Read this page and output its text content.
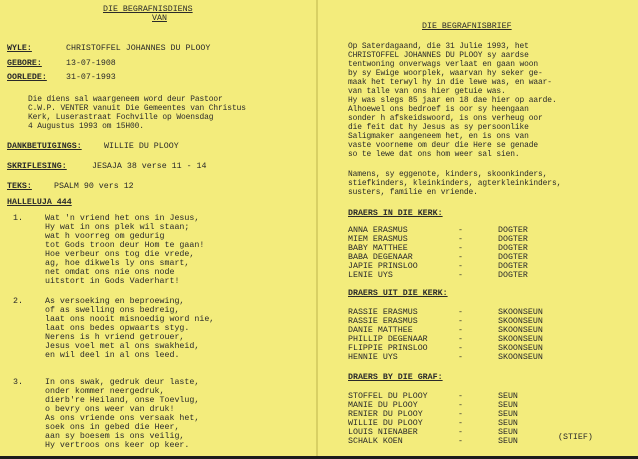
DIE BEGRAFNISDIENS
VAN
WYLE:	CHRISTOFFEL JOHANNES DU PLOOY
GEBORE:	13-07-1908
OORLEDE: 31-07-1993
Die diens sal waargeneem word deur Pastoor
C.W.P. VENTER vanuit Die Gemeentes van Christus
Kerk, Luserastraat Fochville op Woensdag
4 Augustus 1993 om 15H00.
DANKBETUIGINGS:	WILLIE DU PLOOY
SKRIFLESING:	JESAJA 38 verse 11 - 14
TEKS:	PSALM 90 vers 12
HALLELUJA 444
1.	Wat 'n vriend het ons in Jesus,
Hy wat in ons plek wil staan;
wat h voorreg om gedurig
tot Gods troon deur Hom te gaan!
Hoe verbeur ons tog die vrede,
ag, hoe dikwels ly ons smart,
net omdat ons nie ons node
uitstort in Gods Vaderhart!
2.	As versoeking en beproewing,
of as swelling ons bedreig,
laat ons nooit misnoedig word nie,
laat ons bedes opwaarts styg.
Nerens is h vriend getrouer,
Jesus voel met al ons swakheid,
en wil deel in al ons leed.
3.	In ons swak, gedruk deur laste,
onder kommer neergedruk,
dierb're Heiland, onse Toevlug,
o bevry ons weer van druk!
As ons vriende ons versaak het,
soek ons in gebed die Heer,
aan sy boesem is ons veilig,
Hy vertroos ons keer op keer.
DIE BEGRAFNISBRIEF
Op Saterdagaand, die 31 Julie 1993, het
CHRISTOFFEL JOHANNES DU PLOOY sy aardse
tentwoning onverwags verlaat en gaan woon
by sy Ewige woorplek, waarvan hy seker ge-
maak het terwyl hy in die lewe was, en waar-
van talle van ons hier getuie was.
Hy was slegs 85 jaar en 18 dae hier op aarde.
Alhoewel ons bedroef is oor sy heengaan
sonder h afskeidswoord, is ons verheug oor
die feit dat hy Jesus as sy persoonlike
Saligmaker aangeneem het, en is ons van
vaste voorneme om deur die Here se genade
so te lewe dat ons hom weer sal sien.
Namens, sy eggenote, kinders, skoonkinders,
stiefkinders, kleinkinders, agterkleinkinders,
susters, familie en vriende.
DRAERS IN DIE KERK:
ANNA ERASMUS	-	DOGTER
MIEM ERASMUS	-	DOGTER
BABY MATTHEE	-	DOGTER
BABA DEGENAAR	-	DOGTER
JAPIE PRINSLOO	-	DOGTER
LENIE UYS	-	DOGTER
DRAERS UIT DIE KERK:
RASSIE ERASMUS	-	SKOONSEUN
RASSIE ERASMUS	-	SKOONSEUN
DANIE MATTHEE	-	SKOONSEUN
PHILLIP DEGENAAR	-	SKOONSEUN
FLIPPIE PRINSLOO	-	SKOONSEUN
HENNIE UYS	-	SKOONSEUN
DRAERS BY DIE GRAF:
STOFFEL DU PLOOY	-	SEUN
MANIE DU PLOOY	-	SEUN
RENIER DU PLOOY	-	SEUN
WILLIE DU PLOOY	-	SEUN
LOUIS NIENABER	-	SEUN
SCHALK KOEN	-	SEUN	(STIEF)
